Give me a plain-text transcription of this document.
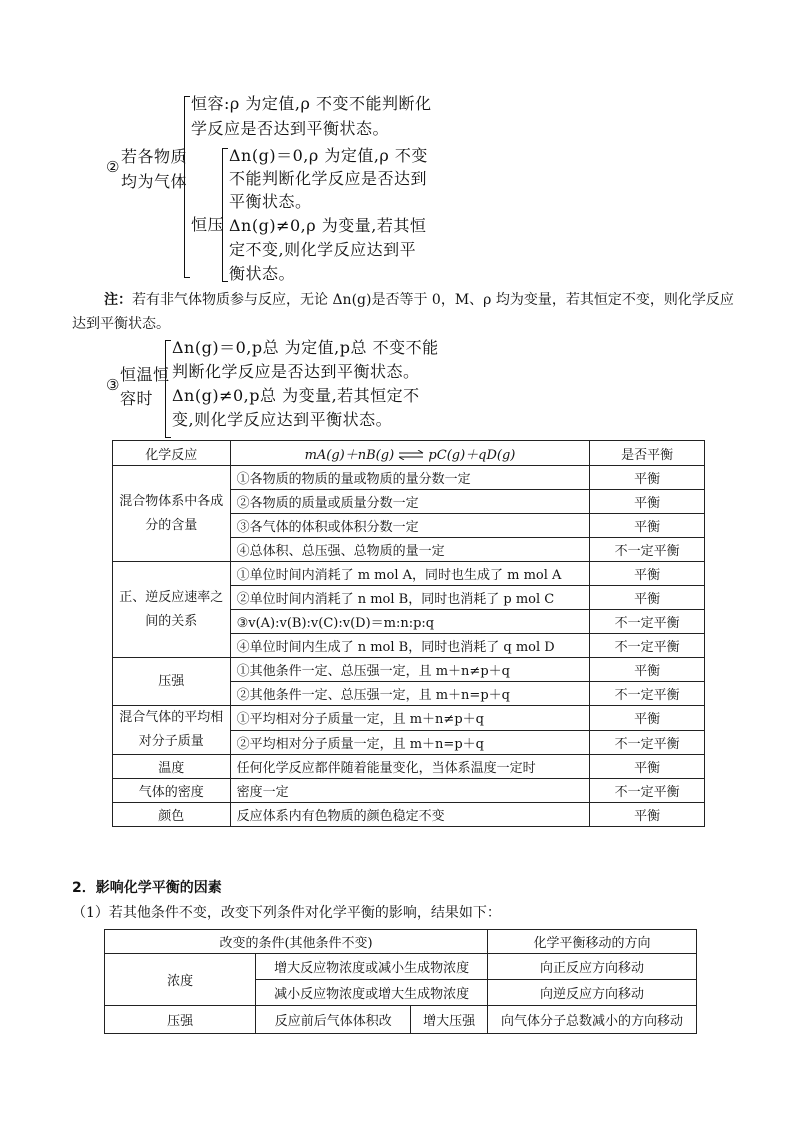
②
若各物质
均为气体
恒容:ρ 为定值,ρ 不变不能判断化
学反应是否达到平衡状态。
恒压
Δn(g)＝0,ρ 为定值,ρ 不变
不能判断化学反应是否达到
平衡状态。
Δn(g)≠0,ρ 为变量,若其恒
定不变,则化学反应达到平
衡状态。
注：若有非气体物质参与反应，无论 Δn(g)是否等于 0，M、ρ 均为变量，若其恒定不变，则化学反应
达到平衡状态。
③
恒温恒
容时
Δn(g)＝0,p总 为定值,p总 不变不能
判断化学反应是否达到平衡状态。
Δn(g)≠0,p总 为变量,若其恒定不
变,则化学反应达到平衡状态。
化学反应	mA(g)＋nB(g) ⇌ pC(g)＋qD(g)	是否平衡
混合物体系中各成分的含量	①各物质的物质的量或物质的量分数一定	平衡
	②各物质的质量或质量分数一定	平衡
	③各气体的体积或体积分数一定	平衡
	④总体积、总压强、总物质的量一定	不一定平衡
正、逆反应速率之间的关系	①单位时间内消耗了 m mol A，同时也生成了 m mol A	平衡
	②单位时间内消耗了 n mol B，同时也消耗了 p mol C	平衡
	③v(A):v(B):v(C):v(D)＝m:n:p:q	不一定平衡
	④单位时间内生成了 n mol B，同时也消耗了 q mol D	不一定平衡
压强	①其他条件一定、总压强一定，且 m＋n≠p＋q	平衡
	②其他条件一定、总压强一定，且 m＋n=p＋q	不一定平衡
混合气体的平均相对分子质量	①平均相对分子质量一定，且 m＋n≠p＋q	平衡
	②平均相对分子质量一定，且 m＋n=p＋q	不一定平衡
温度	任何化学反应都伴随着能量变化，当体系温度一定时	平衡
气体的密度	密度一定	不一定平衡
颜色	反应体系内有色物质的颜色稳定不变	平衡
2．影响化学平衡的因素
（1）若其他条件不变，改变下列条件对化学平衡的影响，结果如下：
改变的条件(其他条件不变)			化学平衡移动的方向
浓度	增大反应物浓度或减小生成物浓度		向正反应方向移动
	减小反应物浓度或增大生成物浓度		向逆反应方向移动
压强	反应前后气体体积改	增大压强	向气体分子总数减小的方向移动
